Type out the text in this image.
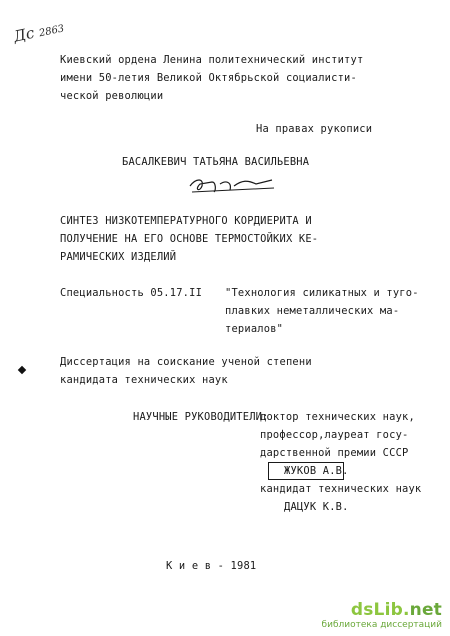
Дс 2863
Киевский ордена Ленина политехнический институт
имени 50-летия Великой Октябрьской социалисти-
ческой революции
На правах рукописи
БАСАЛКЕВИЧ ТАТЬЯНА ВАСИЛЬЕВНА
СИНТЕЗ НИЗКОТЕМПЕРАТУРНОГО КОРДИЕРИТА И
ПОЛУЧЕНИЕ НА ЕГО ОСНОВЕ ТЕРМОСТОЙКИХ КЕ-
РАМИЧЕСКИХ ИЗДЕЛИЙ
Специальность 05.17.II "Технология силикатных и туго-
плавких неметаллических ма-
териалов"
Диссертация на соискание ученой степени
кандидата технических наук
НАУЧНЫЕ РУКОВОДИТЕЛИ:
доктор технических наук,
профессор,лауреат госу-
дарственной премии СССР
ЖУКОВ А.В.
кандидат технических наук
ДАЦУК К.В.
К и е в - 1981
dsLib.net
библиотека диссертаций
